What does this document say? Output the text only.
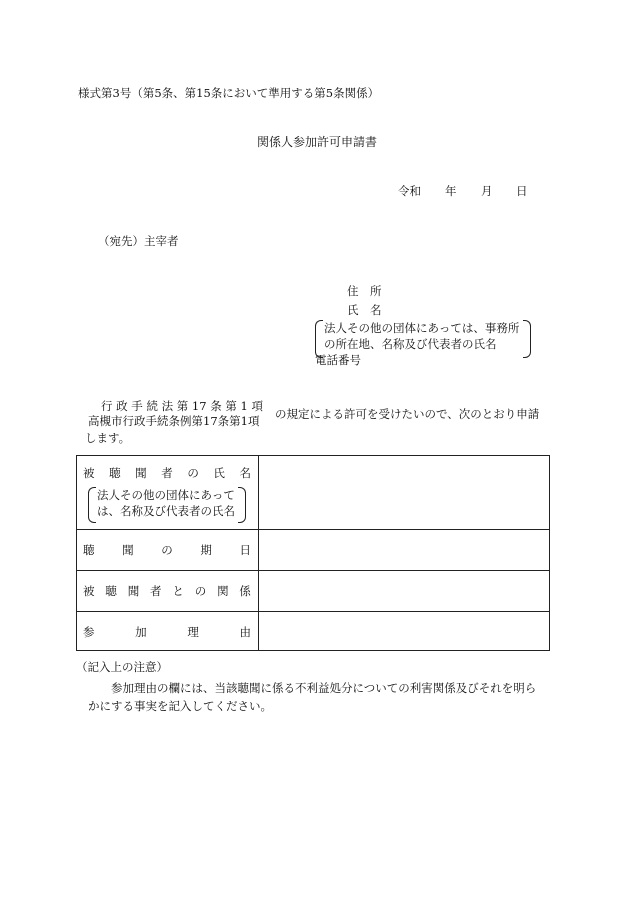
様式第3号（第5条、第15条において準用する第5条関係）
関係人参加許可申請書
令和 年 月 日
（宛先）主宰者
住　所
氏　名
法人その他の団体にあっては、事務所
の所在地、名称及び代表者の氏名
電話番号
行 政 手 続 法 第 17 条 第 1 項
高槻市行政手続条例第17条第1項 の規定による許可を受けたいので、次のとおり申請
します。
被 聴 聞 者 の 氏 名
法人その他の団体にあって
は、名称及び代表者の氏名
聴 聞 の 期 日
被 聴 聞 者 と の 関 係
参	加	理	由
（記入上の注意）
参加理由の欄には、当該聴聞に係る不利益処分についての利害関係及びそれを明ら
かにする事実を記入してください。
